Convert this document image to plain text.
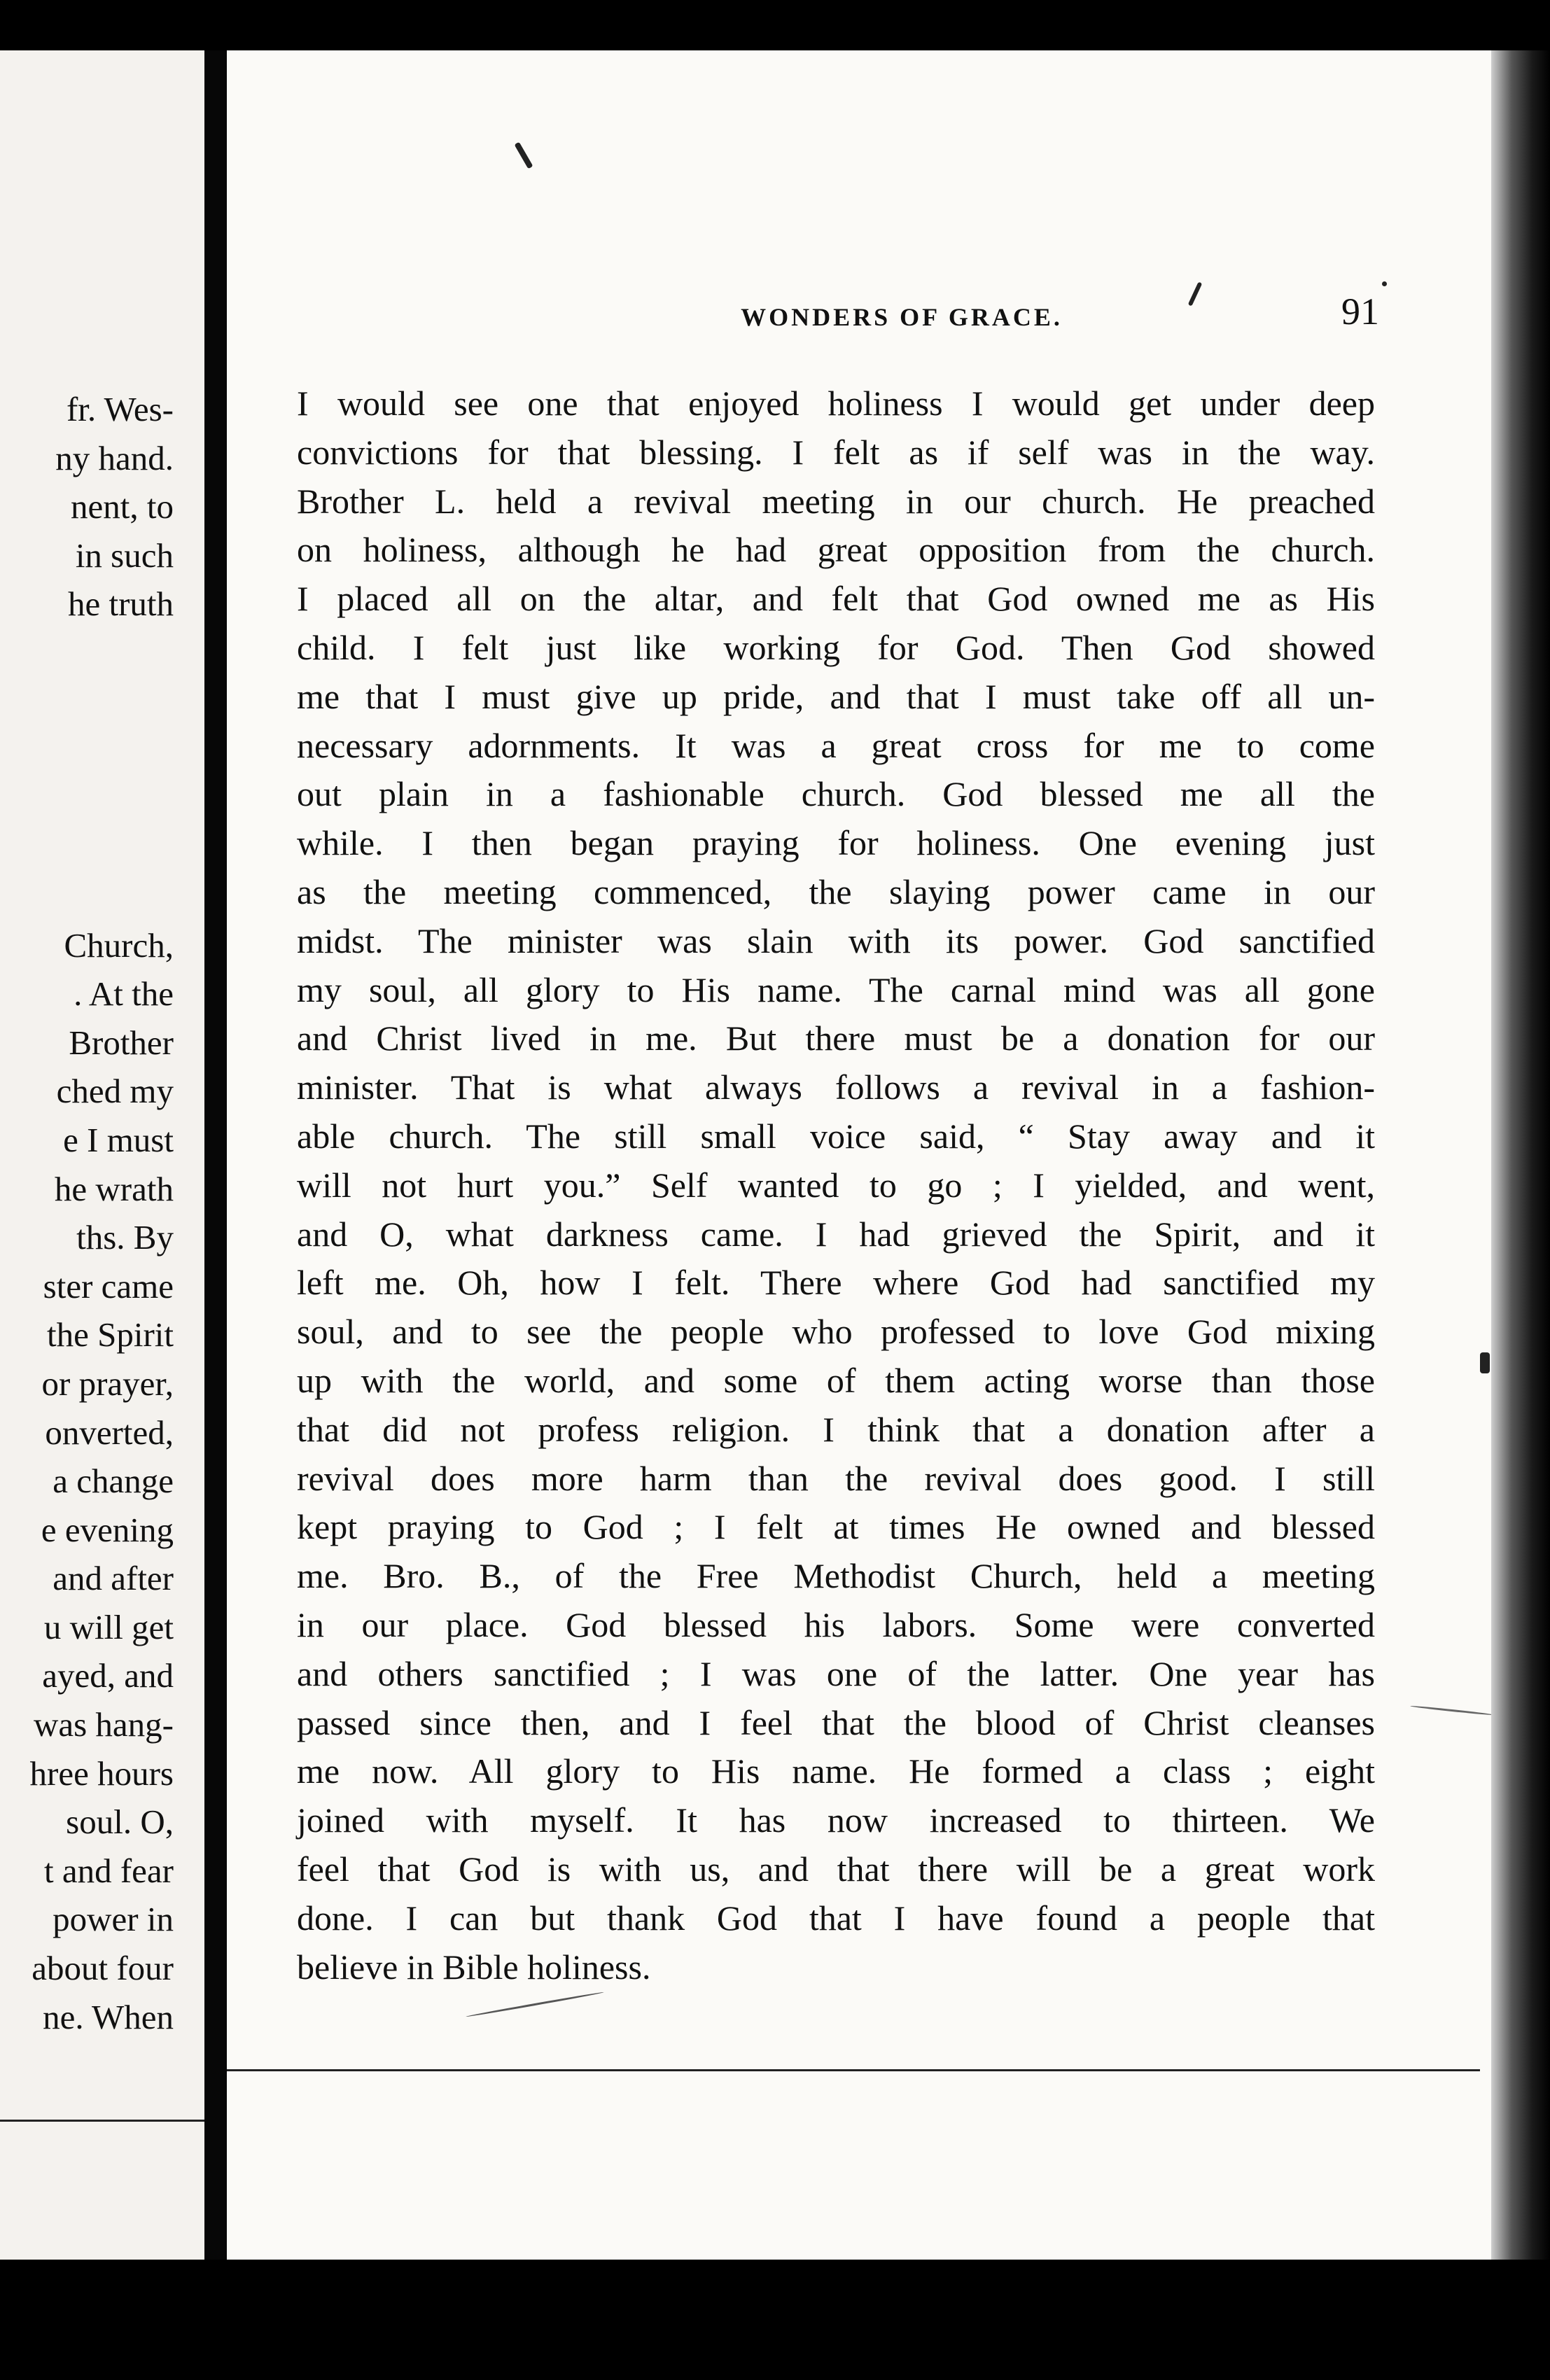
fr. Wes-
ny hand.
nent, to
in such
he truth
Church,
. At the
Brother
ched my
e I must
he wrath
ths. By
ster came
the Spirit
or prayer,
onverted,
a change
e evening
and after
u will get
ayed, and
was hang-
hree hours
soul. O,
t and fear
power in
about four
ne. When
WONDERS OF GRACE.	91
I would see one that enjoyed holiness I would get under deep
convictions for that blessing. I felt as if self was in the way.
Brother L. held a revival meeting in our church. He preached
on holiness, although he had great opposition from the church.
I placed all on the altar, and felt that God owned me as His
child. I felt just like working for God. Then God showed
me that I must give up pride, and that I must take off all un-
necessary adornments. It was a great cross for me to come
out plain in a fashionable church. God blessed me all the
while. I then began praying for holiness. One evening just
as the meeting commenced, the slaying power came in our
midst. The minister was slain with its power. God sanctified
my soul, all glory to His name. The carnal mind was all gone
and Christ lived in me. But there must be a donation for our
minister. That is what always follows a revival in a fashion-
able church. The still small voice said, “ Stay away and it
will not hurt you.” Self wanted to go ; I yielded, and went,
and O, what darkness came. I had grieved the Spirit, and it
left me. Oh, how I felt. There where God had sanctified my
soul, and to see the people who professed to love God mixing
up with the world, and some of them acting worse than those
that did not profess religion. I think that a donation after a
revival does more harm than the revival does good. I still
kept praying to God ; I felt at times He owned and blessed
me. Bro. B., of the Free Methodist Church, held a meeting
in our place. God blessed his labors. Some were converted
and others sanctified ; I was one of the latter. One year has
passed since then, and I feel that the blood of Christ cleanses
me now. All glory to His name. He formed a class ; eight
joined with myself. It has now increased to thirteen. We
feel that God is with us, and that there will be a great work
done. I can but thank God that I have found a people that
believe in Bible holiness.
